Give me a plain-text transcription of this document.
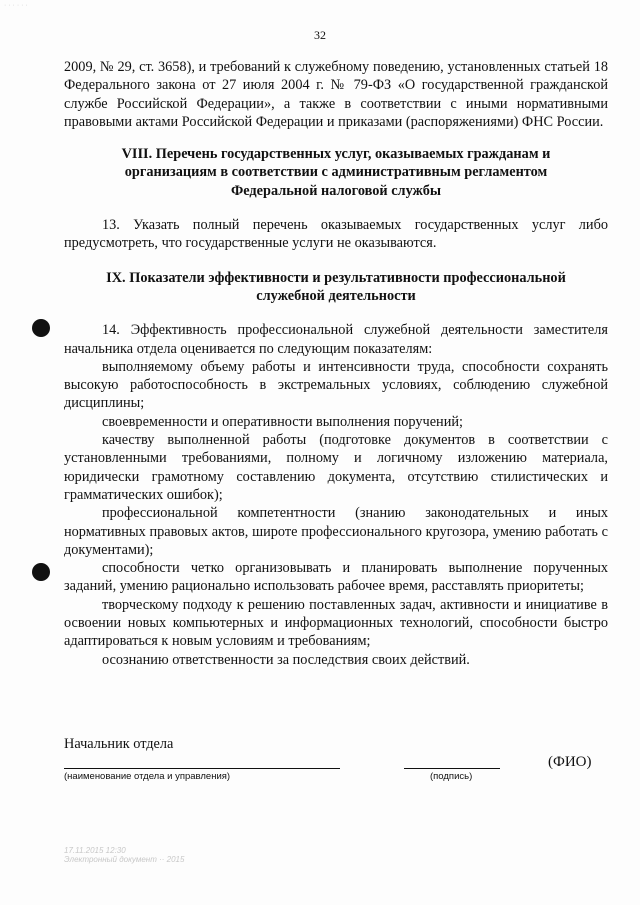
· · · · · ·
32

2009, № 29, ст. 3658), и требований к служебному поведению, установленных статьей 18 Федерального закона от 27 июля 2004 г. № 79-ФЗ «О государственной гражданской службе Российской Федерации», а также в соответствии с иными нормативными правовыми актами Российской Федерации и приказами (распоряжениями) ФНС России.

VIII. Перечень государственных услуг, оказываемых гражданам и организациям в соответствии с административным регламентом Федеральной налоговой службы

13. Указать полный перечень оказываемых государственных услуг либо предусмотреть, что государственные услуги не оказываются.

IX. Показатели эффективности и результативности профессиональной служебной деятельности

14. Эффективность профессиональной служебной деятельности заместителя начальника отдела оценивается по следующим показателям:

выполняемому объему работы и интенсивности труда, способности сохранять высокую работоспособность в экстремальных условиях, соблюдению служебной дисциплины;

своевременности и оперативности выполнения поручений;

качеству выполненной работы (подготовке документов в соответствии с установленными требованиями, полному и логичному изложению материала, юридически грамотному составлению документа, отсутствию стилистических и грамматических ошибок);

профессиональной компетентности (знанию законодательных и иных нормативных правовых актов, широте профессионального кругозора, умению работать с документами);

способности четко организовывать и планировать выполнение порученных заданий, умению рационально использовать рабочее время, расставлять приоритеты;

творческому подходу к решению поставленных задач, активности и инициативе в освоении новых компьютерных и информационных технологий, способности быстро адаптироваться к новым условиям и требованиям;

осознанию ответственности за последствия своих действий.

Начальник отдела
(наименование отдела и управления)	(подпись)
(ФИО)
17.11.2015 12:30
Электронный документ ·· 2015
